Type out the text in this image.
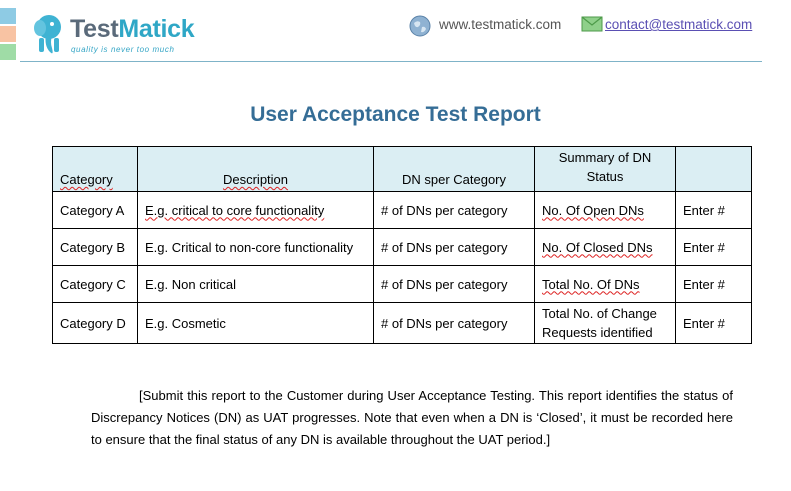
TestMatick
quality is never too much
www.testmatick.com	contact@testmatick.com
User Acceptance Test Report
Category	Description	DN sper Category	Summary of DN Status	
Category A	E.g. critical to core functionality	# of DNs per category	No. Of Open DNs	Enter #
Category B	E.g. Critical to non-core functionality	# of DNs per category	No. Of Closed DNs	Enter #
Category C	E.g. Non critical	# of DNs per category	Total No. Of DNs	Enter #
Category D	E.g. Cosmetic	# of DNs per category	Total No. of Change Requests identified	Enter #
[Submit this report to the Customer during User Acceptance Testing. This report identifies the status of Discrepancy Notices (DN) as UAT progresses. Note that even when a DN is ‘Closed’, it must be recorded here to ensure that the final status of any DN is available throughout the UAT period.]
